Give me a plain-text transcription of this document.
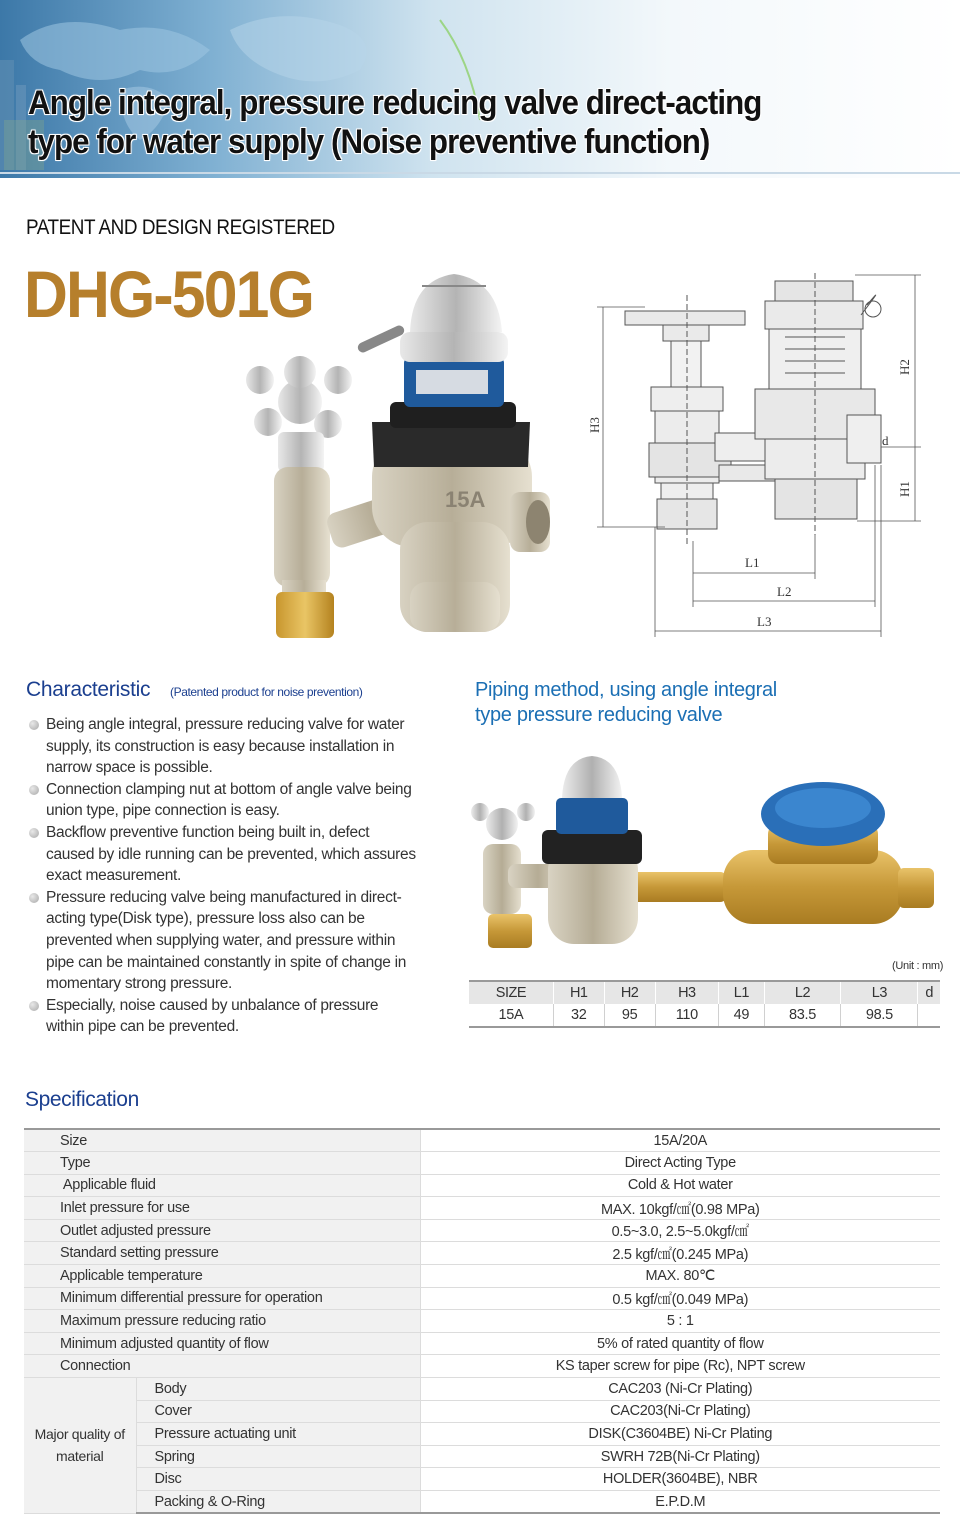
Angle integral, pressure reducing valve direct-acting
type for water supply (Noise preventive function)
PATENT AND DESIGN REGISTERED
DHG-501G
15A
H3
H2
H1
d
L1
L2
L3
Characteristic (Patented product for noise prevention)
Being angle integral, pressure reducing valve for water supply, its construction is easy because installation in narrow space is possible.
Connection clamping nut at bottom of angle valve being union type, pipe connection is easy.
Backflow preventive function being built in, defect caused by idle running can be prevented, which assures exact measurement.
Pressure reducing valve being manufactured in direct-acting type(Disk type), pressure loss also can be prevented when supplying water, and pressure within pipe can be maintained constantly in spite of change in momentary strong pressure.
Especially, noise caused by unbalance of pressure within pipe can be prevented.
Piping method, using angle integral
type pressure reducing valve
(Unit : mm)
SIZE	H1	H2	H3	L1	L2	L3	d
15A	32	95	110	49	83.5	98.5	
Specification
Size		15A/20A
Type		Direct Acting Type
Applicable fluid		Cold & Hot water
Inlet pressure for use		MAX. 10kgf/㎠(0.98 MPa)
Outlet adjusted pressure		0.5~3.0, 2.5~5.0kgf/㎠
Standard setting pressure		2.5 kgf/㎠(0.245 MPa)
Applicable temperature		MAX. 80℃
Minimum differential pressure for operation		0.5 kgf/㎠(0.049 MPa)
Maximum pressure reducing ratio		5 : 1
Minimum adjusted quantity of flow		5% of rated quantity of flow
Connection		KS taper screw for pipe (Rc), NPT screw
Major quality of material	Body	CAC203 (Ni-Cr Plating)
	Cover	CAC203(Ni-Cr Plating)
	Pressure actuating unit	DISK(C3604BE) Ni-Cr Plating
	Spring	SWRH 72B(Ni-Cr Plating)
	Disc	HOLDER(3604BE), NBR
	Packing & O-Ring	E.P.D.M
